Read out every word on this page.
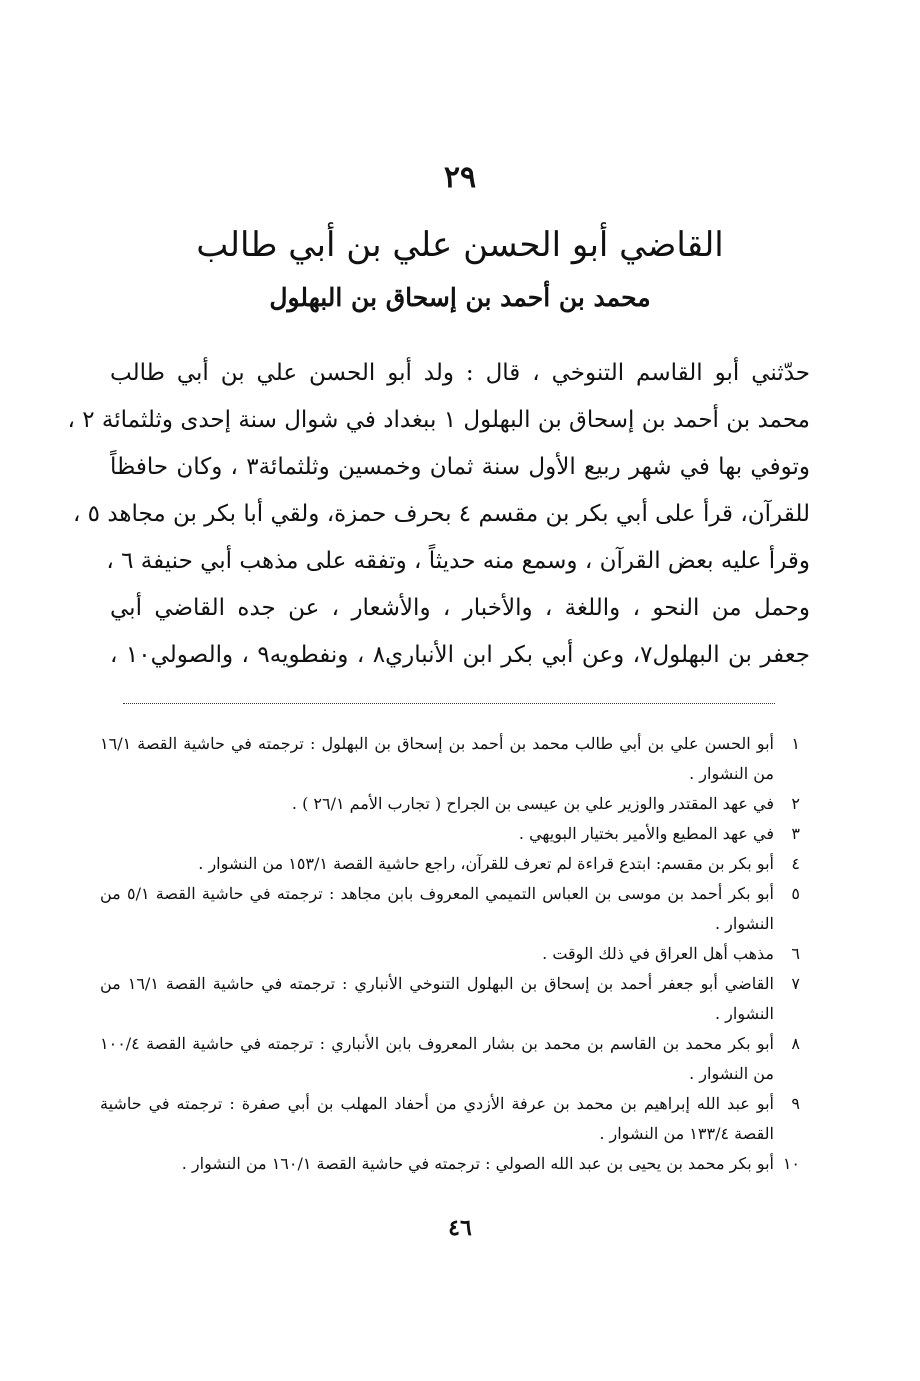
٢٩
القاضي أبو الحسن علي بن أبي طالب
محمد بن أحمد بن إسحاق بن البهلول
حدّثني أبو القاسم التنوخي ، قال : ولد أبو الحسن علي بن أبي طالب
محمد بن أحمد بن إسحاق بن البهلول ١ ببغداد في شوال سنة إحدى وثلثمائة ٢ ،
وتوفي بها في شهر ربيع الأول سنة ثمان وخمسين وثلثمائة٣ ، وكان حافظاً
للقرآن، قرأ على أبي بكر بن مقسم ٤ بحرف حمزة، ولقي أبا بكر بن مجاهد ٥ ،
وقرأ عليه بعض القرآن ، وسمع منه حديثاً ، وتفقه على مذهب أبي حنيفة ٦ ،
وحمل من النحو ، واللغة ، والأخبار ، والأشعار ، عن جده القاضي أبي
جعفر بن البهلول٧، وعن أبي بكر ابن الأنباري٨ ، ونفطويه٩ ، والصولي١٠ ،
١
أبو الحسن علي بن أبي طالب محمد بن أحمد بن إسحاق بن البهلول : ترجمته في حاشية القصة ١٦/١ من النشوار .
٢
في عهد المقتدر والوزير علي بن عيسى بن الجراح ( تجارب الأمم ٢٦/١ ) .
٣
في عهد المطيع والأمير بختيار البويهي .
٤
أبو بكر بن مقسم: ابتدع قراءة لم تعرف للقرآن، راجع حاشية القصة ١٥٣/١ من النشوار .
٥
أبو بكر أحمد بن موسى بن العباس التميمي المعروف بابن مجاهد : ترجمته في حاشية القصة ٥/١ من النشوار .
٦
مذهب أهل العراق في ذلك الوقت .
٧
القاضي أبو جعفر أحمد بن إسحاق بن البهلول التنوخي الأنباري : ترجمته في حاشية القصة ١٦/١ من النشوار .
٨
أبو بكر محمد بن القاسم بن محمد بن بشار المعروف بابن الأنباري : ترجمته في حاشية القصة ١٠٠/٤ من النشوار .
٩
أبو عبد الله إبراهيم بن محمد بن عرفة الأزدي من أحفاد المهلب بن أبي صفرة : ترجمته في حاشية القصة ١٣٣/٤ من النشوار .
١٠
أبو بكر محمد بن يحيى بن عبد الله الصولي : ترجمته في حاشية القصة ١٦٠/١ من النشوار .
٤٦
